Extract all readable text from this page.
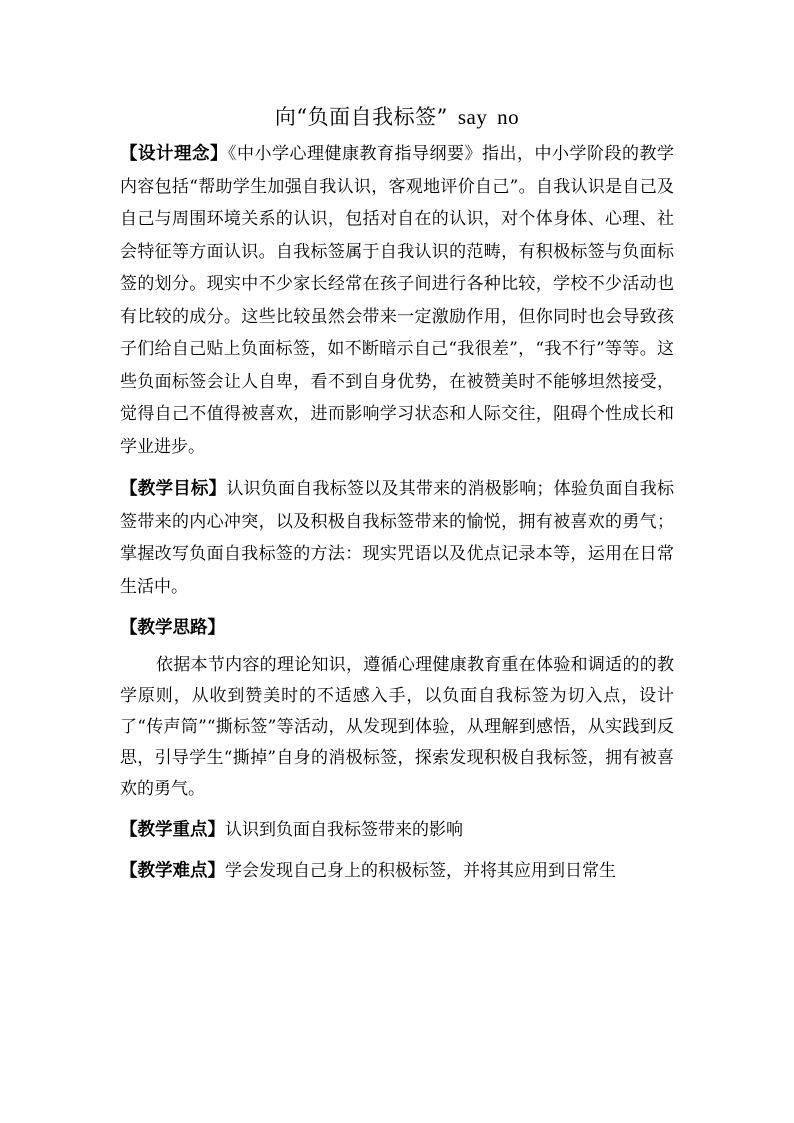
向“负面自我标签” say no

【设计理念】《中小学心理健康教育指导纲要》指出，中小学阶段的教学内容包括“帮助学生加强自我认识，客观地评价自己”。自我认识是自己及自己与周围环境关系的认识，包括对自在的认识，对个体身体、心理、社会特征等方面认识。自我标签属于自我认识的范畴，有积极标签与负面标签的划分。现实中不少家长经常在孩子间进行各种比较，学校不少活动也有比较的成分。这些比较虽然会带来一定激励作用，但你同时也会导致孩子们给自己贴上负面标签，如不断暗示自己“我很差”，“我不行”等等。这些负面标签会让人自卑，看不到自身优势，在被赞美时不能够坦然接受，觉得自己不值得被喜欢，进而影响学习状态和人际交往，阻碍个性成长和学业进步。

【教学目标】认识负面自我标签以及其带来的消极影响；体验负面自我标签带来的内心冲突，以及积极自我标签带来的愉悦，拥有被喜欢的勇气；掌握改写负面自我标签的方法：现实咒语以及优点记录本等，运用在日常生活中。

【教学思路】

依据本节内容的理论知识，遵循心理健康教育重在体验和调适的的教学原则，从收到赞美时的不适感入手，以负面自我标签为切入点，设计了“传声筒”“撕标签”等活动，从发现到体验，从理解到感悟，从实践到反思，引导学生“撕掉”自身的消极标签，探索发现积极自我标签，拥有被喜欢的勇气。

【教学重点】认识到负面自我标签带来的影响

【教学难点】学会发现自己身上的积极标签，并将其应用到日常生
